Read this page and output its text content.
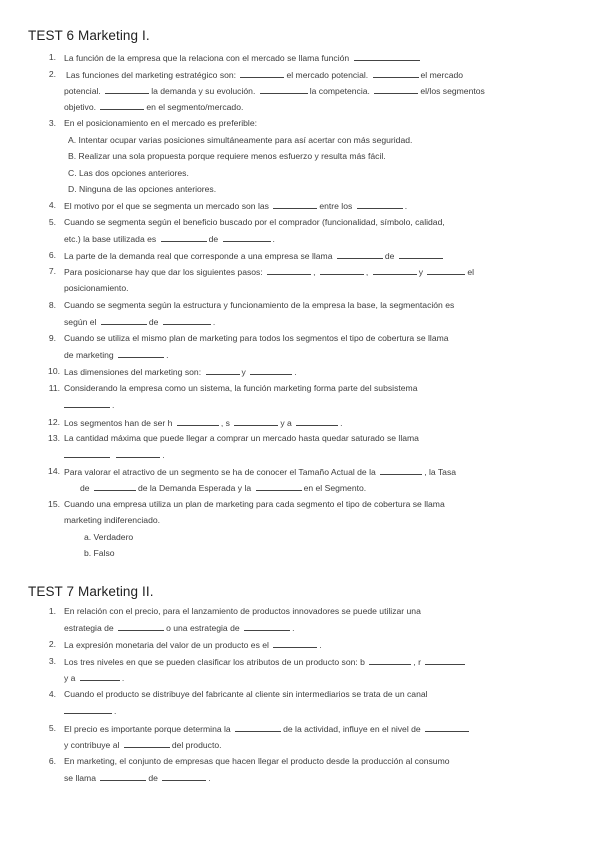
TEST 6 Marketing I.
1. La función de la empresa que la relaciona con el mercado se llama función
2. Las funciones del marketing estratégico son:	el mercado potencial.	el mercado
potencial.	la demanda y su evolución.	la competencia.	el/los segmentos
objetivo.	en el segmento/mercado.
3. En el posicionamiento en el mercado es preferible:
A. Intentar ocupar varias posiciones simultáneamente para así acertar con más seguridad.
B. Realizar una sola propuesta porque requiere menos esfuerzo y resulta más fácil.
C. Las dos opciones anteriores.
D. Ninguna de las opciones anteriores.
4. El motivo por el que se segmenta un mercado son las	entre los	.
5. Cuando se segmenta según el beneficio buscado por el comprador (funcionalidad, símbolo, calidad,
etc.) la base utilizada es	de	.
6. La parte de la demanda real que corresponde a una empresa se llama	de
7. Para posicionarse hay que dar los siguientes pasos:	,	,	y	el
posicionamiento.
8. Cuando se segmenta según la estructura y funcionamiento de la empresa la base, la segmentación es
según el	de	.
9. Cuando se utiliza el mismo plan de marketing para todos los segmentos el tipo de cobertura se llama
de marketing	.
10. Las dimensiones del marketing son:	y	.
11. Considerando la empresa como un sistema, la función marketing forma parte del subsistema
.
12. Los segmentos han de ser h	, s	y a	.
13. La cantidad máxima que puede llegar a comprar un mercado hasta quedar saturado se llama
.
14. Para valorar el atractivo de un segmento se ha de conocer el Tamaño Actual de la	, la Tasa
de	de la Demanda Esperada y la	en el Segmento.
15. Cuando una empresa utiliza un plan de marketing para cada segmento el tipo de cobertura se llama
marketing indiferenciado.
a. Verdadero
b. Falso
TEST 7 Marketing II.
1. En relación con el precio, para el lanzamiento de productos innovadores se puede utilizar una
estrategia de	o una estrategia de	.
2. La expresión monetaria del valor de un producto es el	.
3. Los tres niveles en que se pueden clasificar los atributos de un producto son: b	, r
y a	.
4. Cuando el producto se distribuye del fabricante al cliente sin intermediarios se trata de un canal
.
5. El precio es importante porque determina la	de la actividad, influye en el nivel de
y contribuye al	del producto.
6. En marketing, el conjunto de empresas que hacen llegar el producto desde la producción al consumo
se llama	de	.
